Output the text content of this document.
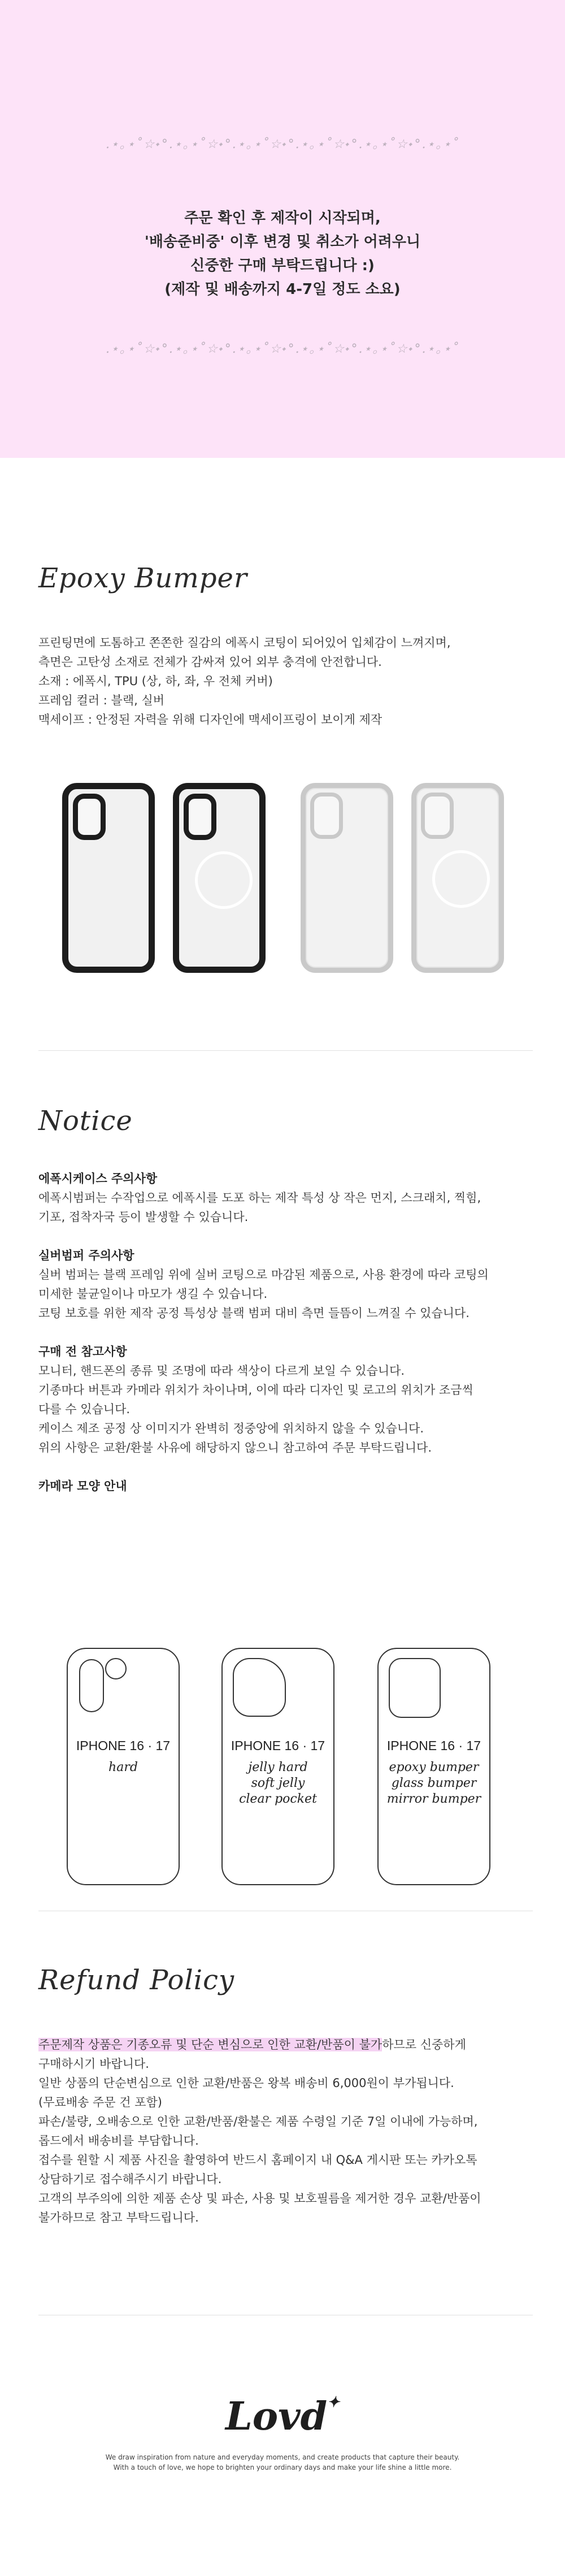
.⋆｡⋆˚☆˖°.⋆｡⋆˚☆˖°.⋆｡⋆˚☆˖°.⋆｡⋆˚☆˖°.⋆｡⋆˚☆˖°.⋆｡⋆˚
주문 확인 후 제작이 시작되며,
'배송준비중' 이후 변경 및 취소가 어려우니
신중한 구매 부탁드립니다 :)
(제작 및 배송까지 4-7일 정도 소요)
.⋆｡⋆˚☆˖°.⋆｡⋆˚☆˖°.⋆｡⋆˚☆˖°.⋆｡⋆˚☆˖°.⋆｡⋆˚☆˖°.⋆｡⋆˚
Epoxy Bumper
프린팅면에 도톰하고 쫀쫀한 질감의 에폭시 코팅이 되어있어 입체감이 느껴지며,
측면은 고탄성 소재로 전체가 감싸져 있어 외부 충격에 안전합니다.
소재 : 에폭시, TPU (상, 하, 좌, 우 전체 커버)
프레임 컬러 : 블랙, 실버
맥세이프 : 안정된 자력을 위해 디자인에 맥세이프링이 보이게 제작
Notice
에폭시케이스 주의사항
에폭시범퍼는 수작업으로 에폭시를 도포 하는 제작 특성 상 작은 먼지, 스크래치, 찍힘,
기포, 접착자국 등이 발생할 수 있습니다.
실버범퍼 주의사항
실버 범퍼는 블랙 프레임 위에 실버 코팅으로 마감된 제품으로, 사용 환경에 따라 코팅의
미세한 불균일이나 마모가 생길 수 있습니다.
코팅 보호를 위한 제작 공정 특성상 블랙 범퍼 대비 측면 들뜸이 느껴질 수 있습니다.
구매 전 참고사항
모니터, 핸드폰의 종류 및 조명에 따라 색상이 다르게 보일 수 있습니다.
기종마다 버튼과 카메라 위치가 차이나며, 이에 따라 디자인 및 로고의 위치가 조금씩
다를 수 있습니다.
케이스 제조 공정 상 이미지가 완벽히 정중앙에 위치하지 않을 수 있습니다.
위의 사항은 교환/환불 사유에 해당하지 않으니 참고하여 주문 부탁드립니다.
카메라 모양 안내
IPHONE 16 · 17
hard
IPHONE 16 · 17
jelly hard
soft jelly
clear pocket
IPHONE 16 · 17
epoxy bumper
glass bumper
mirror bumper
Refund Policy
주문제작 상품은 기종오류 및 단순 변심으로 인한 교환/반품이 불가하므로 신중하게
구매하시기 바랍니다.
일반 상품의 단순변심으로 인한 교환/반품은 왕복 배송비 6,000원이 부가됩니다.
(무료배송 주문 건 포함)
파손/불량, 오배송으로 인한 교환/반품/환불은 제품 수령일 기준 7일 이내에 가능하며,
롭드에서 배송비를 부담합니다.
접수를 원할 시 제품 사진을 촬영하여 반드시 홈페이지 내 Q&A 게시판 또는 카카오톡
상담하기로 접수해주시기 바랍니다.
고객의 부주의에 의한 제품 손상 및 파손, 사용 및 보호필름을 제거한 경우 교환/반품이
불가하므로 참고 부탁드립니다.
Lovd✦
We draw inspiration from nature and everyday moments, and create products that capture their beauty.
With a touch of love, we hope to brighten your ordinary days and make your life shine a little more.
